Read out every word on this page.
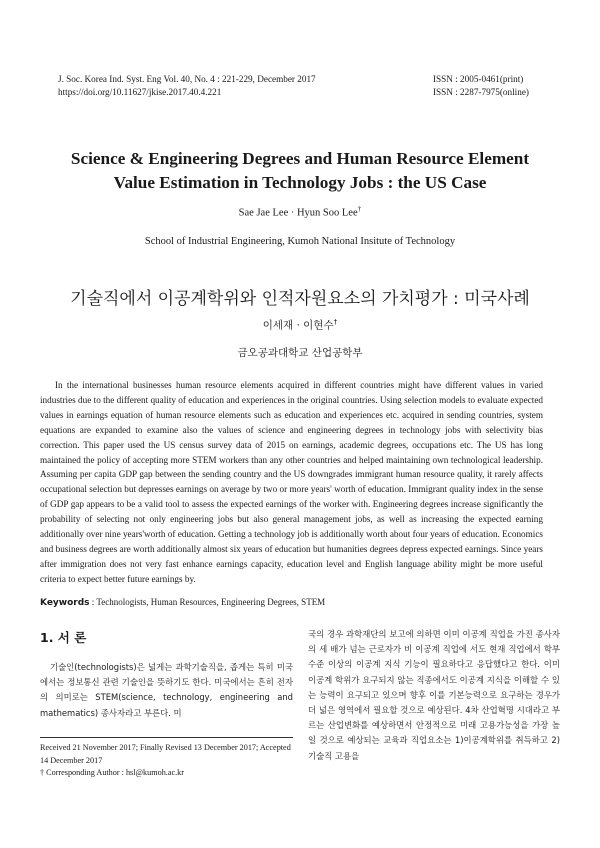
J. Soc. Korea Ind. Syst. Eng Vol. 40, No. 4 : 221-229, December 2017
https://doi.org/10.11627/jkise.2017.40.4.221
ISSN : 2005-0461(print)
ISSN : 2287-7975(online)
Science & Engineering Degrees and Human Resource Element
Value Estimation in Technology Jobs : the US Case
Sae Jae Lee · Hyun Soo Lee†
School of Industrial Engineering, Kumoh National Insitute of Technology
기술직에서 이공계학위와 인적자원요소의 가치평가 : 미국사례
이세재 · 이현수†
금오공과대학교 산업공학부

In the international businesses human resource elements acquired in different countries might have different values in varied industries due to the different quality of education and experiences in the original countries. Using selection models to evaluate expected values in earnings equation of human resource elements such as education and experiences etc. acquired in sending countries, system equations are expanded to examine also the values of science and engineering degrees in technology jobs with selectivity bias correction. This paper used the US census survey data of 2015 on earnings, academic degrees, occupations etc. The US has long maintained the policy of accepting more STEM workers than any other countries and helped maintaining own technological leadership. Assuming per capita GDP gap between the sending country and the US downgrades immigrant human resource quality, it rarely affects occupational selection but depresses earnings on average by two or more years' worth of education. Immigrant quality index in the sense of GDP gap appears to be a valid tool to assess the expected earnings of the worker with. Engineering degrees increase significantly the probability of selecting not only engineering jobs but also general management jobs, as well as increasing the expected earning additionally over nine years'worth of education. Getting a technology job is additionally worth about four years of education. Economics and business degrees are worth additionally almost six years of education but humanities degrees depress expected earnings. Since years after immigration does not very fast enhance earnings capacity, education level and English language ability might be more useful criteria to expect better future earnings by.

Keywords : Technologists, Human Resources, Engineering Degrees, STEM
1. 서 론

기술인(technologists)은 넓게는 과학기술직을, 좁게는 특히 미국에서는 정보통신 관련 기술인을 뜻하기도 한다. 미국에서는 흔히 전자의 의미로는 STEM(science, technology, engineering and mathematics) 종사자라고 부른다. 미

국의 경우 과학재단의 보고에 의하면 이미 이공계 직업을 가진 종사자의 세 배가 넘는 근로자가 비 이공계 직업에 서도 현재 직업에서 학부수준 이상의 이공계 지식 기능이 필요하다고 응답했다고 한다. 이미 이공계 학위가 요구되지 않는 직종에서도 이공계 지식을 이해할 수 있는 능력이 요구되고 있으며 향후 이를 기본능력으로 요구하는 경우가 더 넓은 영역에서 필요할 것으로 예상된다. 4차 산업혁명 시대라고 부르는 산업변화를 예상하면서 안정적으로 미래 고용가능성을 가장 높일 것으로 예상되는 교육과 직업요소는 1)이공계학위를 취득하고 2)기술직 고용을

Received 21 November 2017; Finally Revised 13 December 2017; Accepted 14 December 2017
† Corresponding Author : hsl@kumoh.ac.kr
